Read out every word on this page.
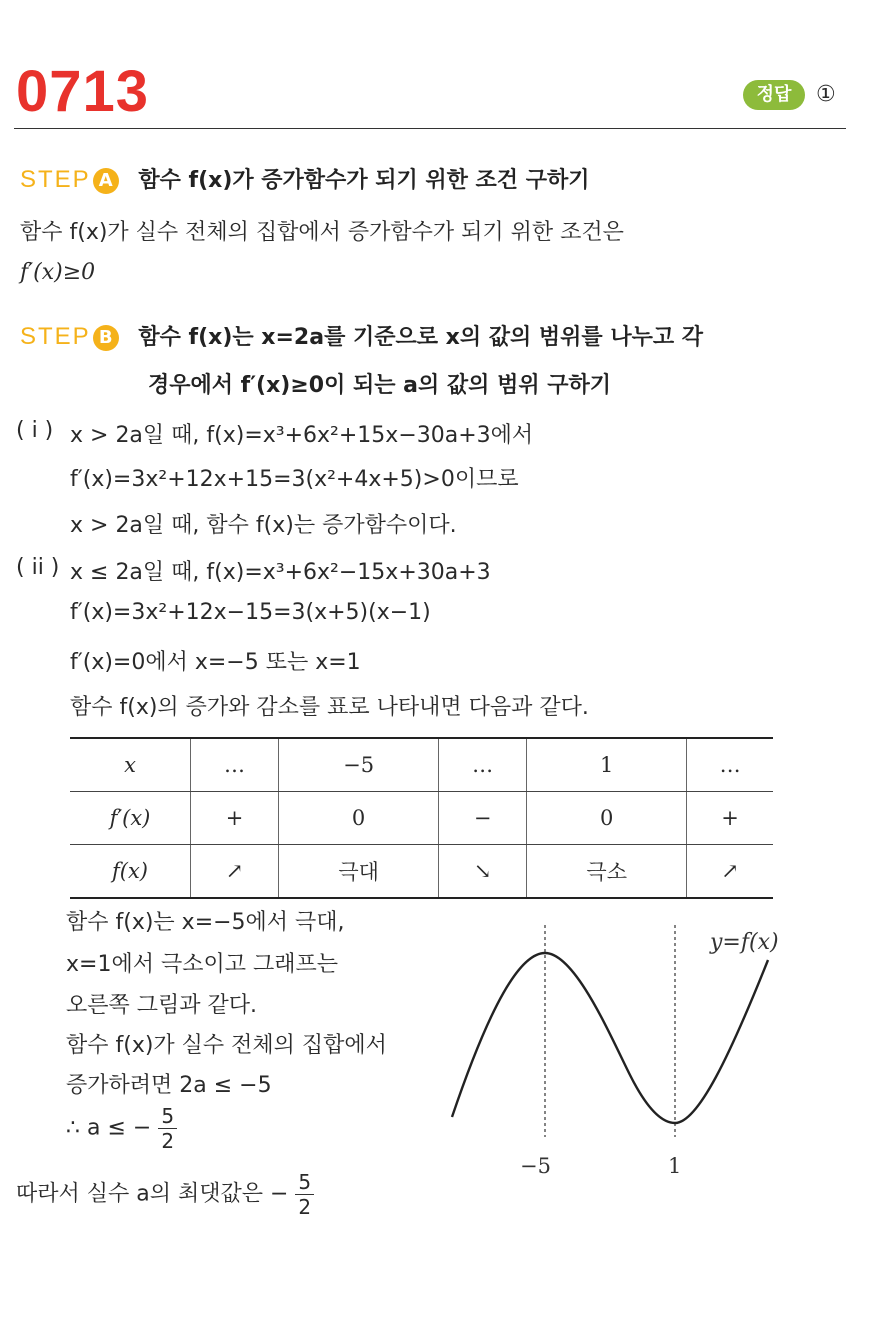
0713	정답	①
STEP A 함수 f(x)가 증가함수가 되기 위한 조건 구하기
함수 f(x)가 실수 전체의 집합에서 증가함수가 되기 위한 조건은
f′(x)≥0
STEP B 함수 f(x)는 x=2a를 기준으로 x의 값의 범위를 나누고 각
경우에서 f′(x)≥0이 되는 a의 값의 범위 구하기
( i ) x > 2a일 때, f(x)=x³+6x²+15x−30a+3에서
f′(x)=3x²+12x+15=3(x²+4x+5)>0이므로
x > 2a일 때, 함수 f(x)는 증가함수이다.
( ii ) x ≤ 2a일 때, f(x)=x³+6x²−15x+30a+3
f′(x)=3x²+12x−15=3(x+5)(x−1)
f′(x)=0에서 x=−5 또는 x=1
함수 f(x)의 증가와 감소를 표로 나타내면 다음과 같다.
x	…	−5	…	1	…
f′(x)	+	0	−	0	+
f(x)	↗	극대	↘	극소	↗
함수 f(x)는 x=−5에서 극대,
x=1에서 극소이고 그래프는
오른쪽 그림과 같다.
함수 f(x)가 실수 전체의 집합에서
증가하려면 2a ≤ −5
∴ a ≤ − $\frac{5}{2}$
y=f(x)
−5	1
따라서 실수 a의 최댓값은 − $\frac{5}{2}$
